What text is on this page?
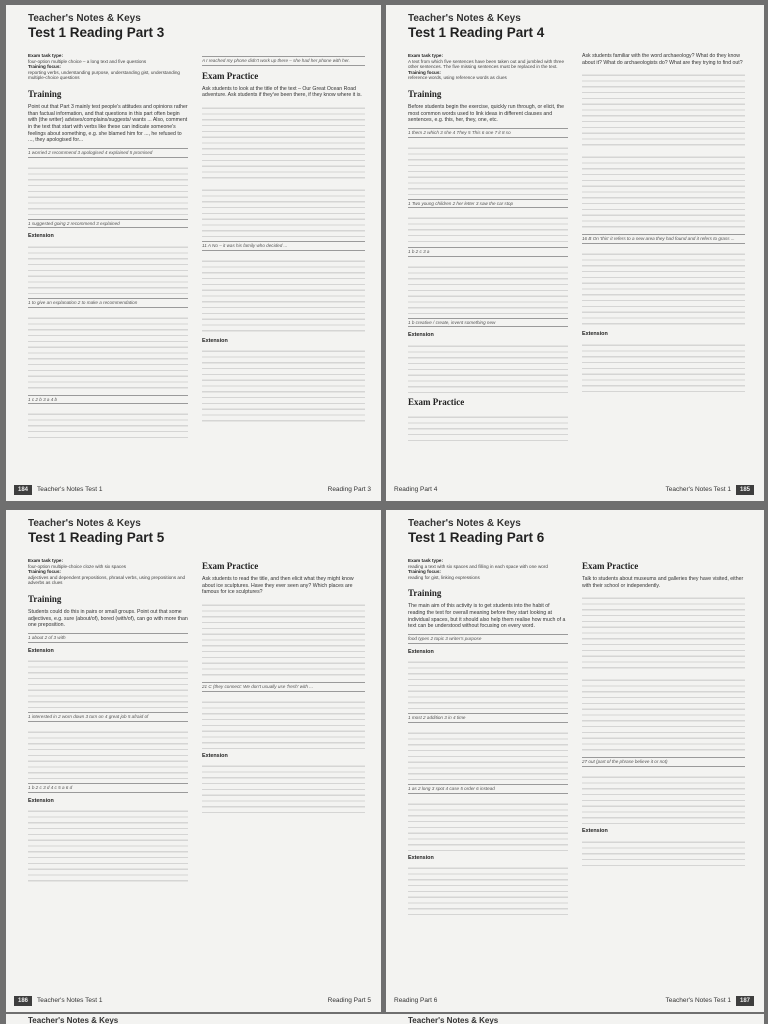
Teacher's Notes & Keys
Test 1 Reading Part 3
Exam task type:
four-option multiple choice – a long text and five questions
Training focus:
reporting verbs, understanding purpose, understanding gist, understanding multiple-choice questions
Training
Point out that Part 3 mainly test people's attitudes and opinions rather than factual information, and that questions in this part often begin with (the writer) advises/complains/suggests/ wants ... Also, comment in the text that start with verbs like these can indicate someone's feelings about something, e.g. she blamed him for ..., he refused to ..., they apologised for...
1 worried 2 recommend 3 apologised 4 explained 5 promised
1 suggested going 2 recommend 3 explained
Extension
1 to give an explanation 2 to make a recommendation
1 c 2 b 3 a 4 b
A I reached my phone didn't work up there – she had her phone with her.
Exam Practice
Ask students to look at the title of the text – Our Great Ocean Road adventure. Ask students if they've been there, if they know where it is.
11 A No – it was his family who decided ...
Extension
184 Teacher's Notes Test 1	Reading Part 3
Teacher's Notes & Keys
Test 1 Reading Part 4
Exam task type:
A text from which five sentences have been taken out and jumbled with three other sentences. The five missing sentences must be replaced in the text.
Training focus:
reference words, using reference words as clues
Training
Before students begin the exercise, quickly run through, or elicit, the most common words used to link ideas in different clauses and sentences, e.g. this, her, they, one, etc.
1 them 2 which 3 she 4 They 5 This 6 one 7 it 8 so
1 Two young children 2 her letter 3 saw the car stop
1 b 2 c 3 a
1 b creative / create, invent something new
Extension
Exam Practice
Ask students familiar with the word archaeology? What do they know about it? What do archaeologists do? What are they trying to find out?
16 B On 'this' it refers to a new area they had found and it refers to grass ...
Extension
Reading Part 4	Teacher's Notes Test 1 185
Teacher's Notes & Keys
Test 1 Reading Part 5
Exam task type:
four-option multiple-choice cloze with six spaces
Training focus:
adjectives and dependent prepositions, phrasal verbs, using prepositions and adverbs as clues
Training
Students could do this in pairs or small groups. Point out that some adjectives, e.g. sure (about/of), bored (with/of), can go with more than one preposition.
1 about 2 of 3 with
Extension
1 interested in 2 worn down 3 turn on 4 great job 5 afraid of
1 b 2 c 3 d 4 c 5 a 6 d
Extension
Exam Practice
Ask students to read the title, and then elicit what they might know about ice sculptures. Have they ever seen any? Which places are famous for ice sculptures?
21 C (they connect: We don't usually use 'fresh' with ...
Extension
186 Teacher's Notes Test 1	Reading Part 5
Teacher's Notes & Keys
Test 1 Reading Part 6
Exam task type:
reading a text with six spaces and filling in each space with one word
Training focus:
reading for gist, linking expressions
Training
The main aim of this activity is to get students into the habit of reading the text for overall meaning before they start looking at individual spaces, but it should also help them realise how much of a text can be understood without focusing on every word.
food types 2 topic 3 writer's purpose
Extension
1 most 2 addition 3 in 4 time
1 as 2 long 3 spot 4 case 5 order 6 instead
Extension
Exam Practice
Talk to students about museums and galleries they have visited, either with their school or independently.
27 out (part of the phrase believe it or not)
Extension
Reading Part 6	Teacher's Notes Test 1 187
Teacher's Notes & Keys	Teacher's Notes & Keys
